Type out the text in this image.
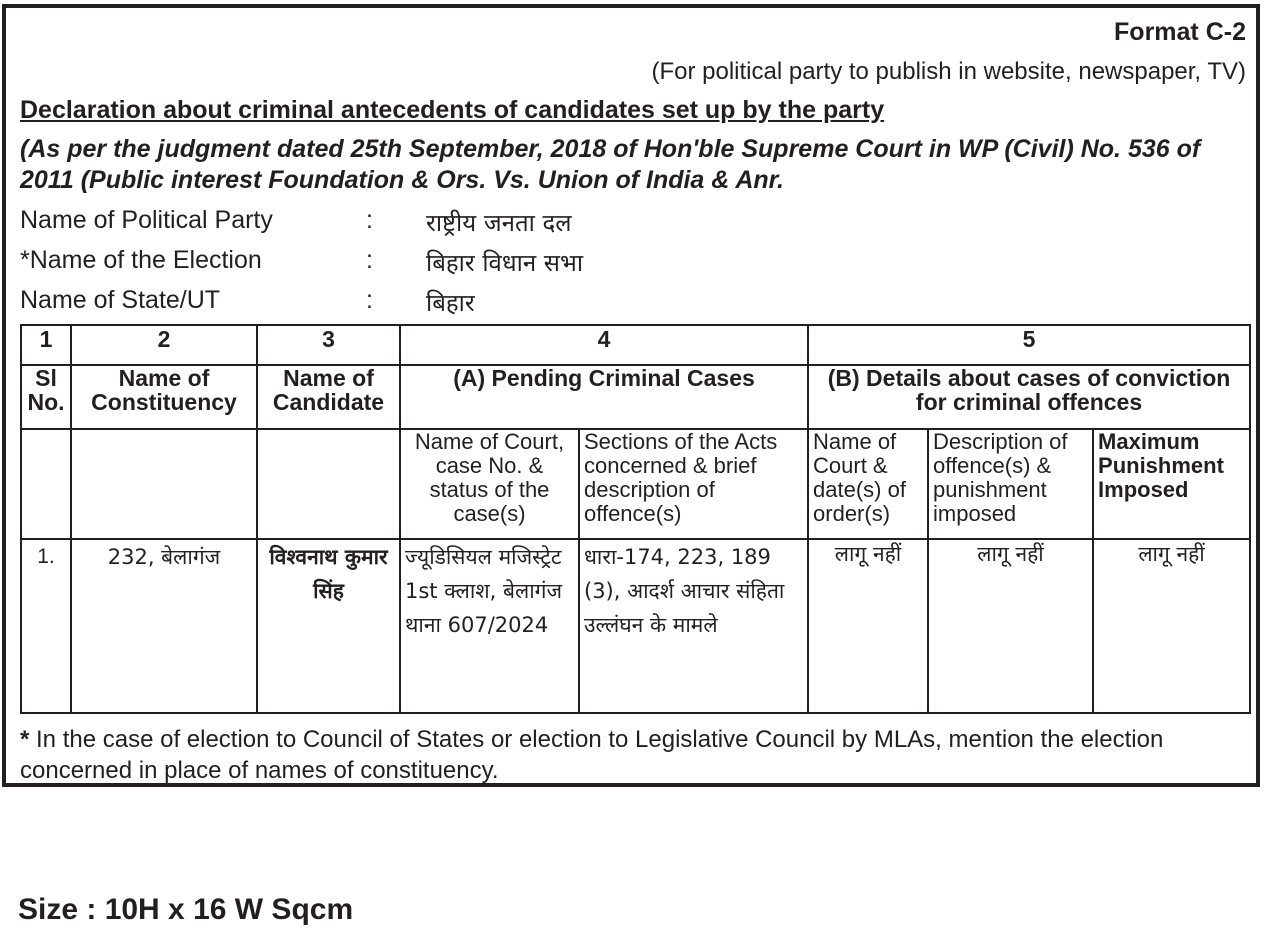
Format C-2
(For political party to publish in website, newspaper, TV)
Declaration about criminal antecedents of candidates set up by the party
(As per the judgment dated 25th September, 2018 of Hon'ble Supreme Court in WP (Civil) No. 536 of 2011 (Public interest Foundation & Ors. Vs. Union of India & Anr.
Name of Political Party	: राष्ट्रीय जनता दल
*Name of the Election	: बिहार विधान सभा
Name of State/UT	: बिहार
1	2	3	4		5		
Sl No.	Name of Constituency	Name of Candidate	(A) Pending Criminal Cases		(B) Details about cases of conviction for criminal offences		
			Name of Court, case No. & status of the case(s)	Sections of the Acts concerned & brief description of offence(s)	Name of Court & date(s) of order(s)	Description of offence(s) & punishment imposed	Maximum Punishment Imposed
1.	232, बेलागंज	विश्वनाथ कुमार सिंह	ज्यूडिसियल मजिस्ट्रेट 1st क्लाश, बेलागंज थाना 607/2024	धारा-174, 223, 189 (3), आदर्श आचार संहिता उल्लंघन के मामले	लागू नहीं	लागू नहीं	लागू नहीं
* In the case of election to Council of States or election to Legislative Council by MLAs, mention the election concerned in place of names of constituency.
Size : 10H x 16 W Sqcm
